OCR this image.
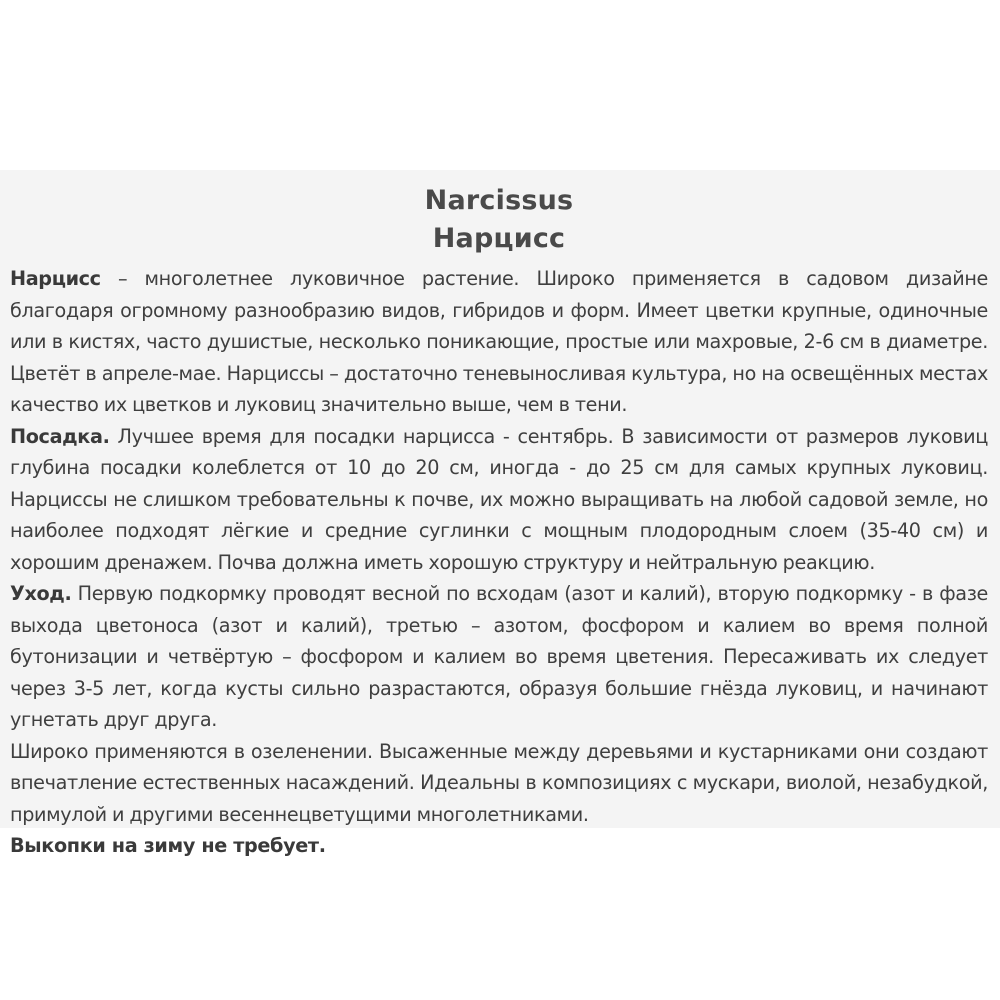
Narcissus
Нарцисс

Нарцисс – многолетнее луковичное растение. Широко применяется в садовом дизайне благодаря огромному разнообразию видов, гибридов и форм. Имеет цветки крупные, одиночные или в кистях, часто душистые, несколько поникающие, простые или махровые, 2-6 см в диаметре. Цветёт в апреле-мае. Нарциссы – достаточно теневыносливая культура, но на освещённых местах качество их цветков и луковиц значительно выше, чем в тени.

Посадка. Лучшее время для посадки нарцисса - сентябрь. В зависимости от размеров луковиц глубина посадки колеблется от 10 до 20 см, иногда - до 25 см для самых крупных луковиц. Нарциссы не слишком требовательны к почве, их можно выращивать на любой садовой земле, но наиболее подходят лёгкие и средние суглинки с мощным плодородным слоем (35-40 см) и хорошим дренажем. Почва должна иметь хорошую структуру и нейтральную реакцию.

Уход. Первую подкормку проводят весной по всходам (азот и калий), вторую подкормку - в фазе выхода цветоноса (азот и калий), третью – азотом, фосфором и калием во время полной бутонизации и четвёртую – фосфором и калием во время цветения. Пересаживать их следует через 3-5 лет, когда кусты сильно разрастаются, образуя большие гнёзда луковиц, и начинают угнетать друг друга.

Широко применяются в озеленении. Высаженные между деревьями и кустарниками они создают впечатление естественных насаждений. Идеальны в композициях с мускари, виолой, незабудкой, примулой и другими весеннецветущими многолетниками.

Выкопки на зиму не требует.
